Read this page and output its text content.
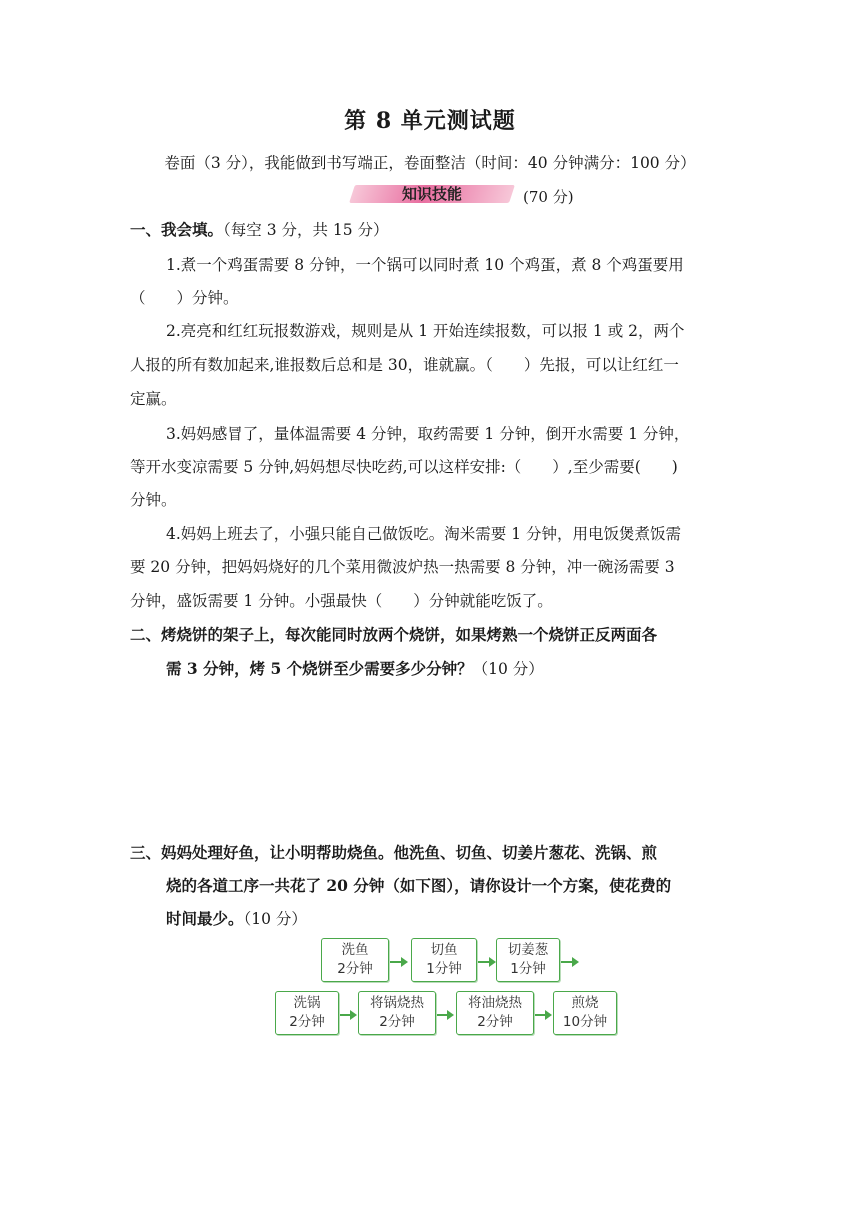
第 8 单元测试题
卷面（3 分），我能做到书写端正，卷面整洁（时间：40 分钟满分：100 分）
知识技能	(70 分)
一、我会填。（每空 3 分，共 15 分）
1.煮一个鸡蛋需要 8 分钟，一个锅可以同时煮 10 个鸡蛋，煮 8 个鸡蛋要用
（　　）分钟。
2.亮亮和红红玩报数游戏，规则是从 1 开始连续报数，可以报 1 或 2，两个
人报的所有数加起来,谁报数后总和是 30，谁就赢。（　　）先报，可以让红红一
定赢。
3.妈妈感冒了，量体温需要 4 分钟，取药需要 1 分钟，倒开水需要 1 分钟，
等开水变凉需要 5 分钟,妈妈想尽快吃药,可以这样安排:（　　）,至少需要(　　)
分钟。
4.妈妈上班去了，小强只能自己做饭吃。淘米需要 1 分钟，用电饭煲煮饭需
要 20 分钟，把妈妈烧好的几个菜用微波炉热一热需要 8 分钟，冲一碗汤需要 3
分钟，盛饭需要 1 分钟。小强最快（　　）分钟就能吃饭了。
二、烤烧饼的架子上，每次能同时放两个烧饼，如果烤熟一个烧饼正反两面各
需 3 分钟，烤 5 个烧饼至少需要多少分钟？（10 分）
三、妈妈处理好鱼，让小明帮助烧鱼。他洗鱼、切鱼、切姜片葱花、洗锅、煎
烧的各道工序一共花了 20 分钟（如下图），请你设计一个方案，使花费的
时间最少。（10 分）
洗鱼
2分钟
切鱼
1分钟
切姜葱
1分钟
洗锅
2分钟
将锅烧热
2分钟
将油烧热
2分钟
煎烧
10分钟
